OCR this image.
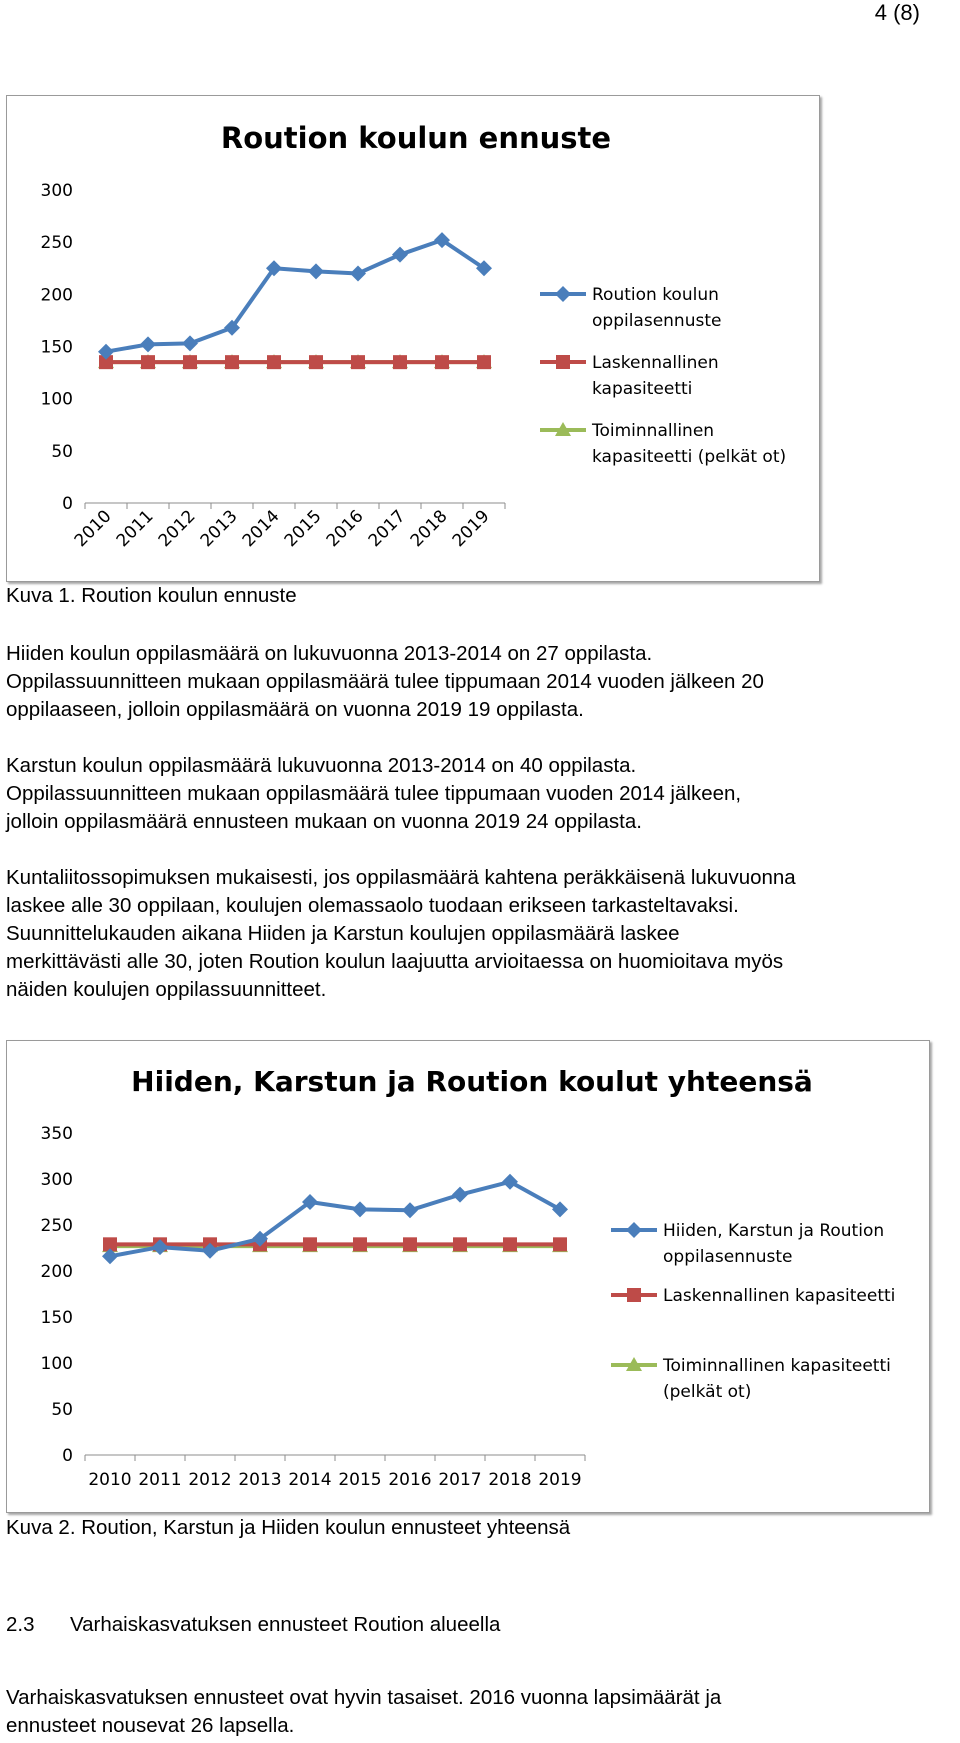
4 (8)
Roution koulun ennuste
0
50
100
150
200
250
300
2010
2011
2012
2013
2014
2015
2016
2017
2018
2019
Roution koulun
oppilasennuste
Laskennallinen
kapasiteetti
Toiminnallinen
kapasiteetti (pelkät ot)
Kuva 1. Roution koulun ennuste
Hiiden koulun oppilasmäärä on lukuvuonna 2013-2014 on 27 oppilasta.
Oppilassuunnitteen mukaan oppilasmäärä tulee tippumaan 2014 vuoden jälkeen 20
oppilaaseen, jolloin oppilasmäärä on vuonna 2019 19 oppilasta.
Karstun koulun oppilasmäärä lukuvuonna 2013-2014 on 40 oppilasta.
Oppilassuunnitteen mukaan oppilasmäärä tulee tippumaan vuoden 2014 jälkeen,
jolloin oppilasmäärä ennusteen mukaan on vuonna 2019 24 oppilasta.
Kuntaliitossopimuksen mukaisesti, jos oppilasmäärä kahtena peräkkäisenä lukuvuonna
laskee alle 30 oppilaan, koulujen olemassaolo tuodaan erikseen tarkasteltavaksi.
Suunnittelukauden aikana Hiiden ja Karstun koulujen oppilasmäärä laskee
merkittävästi alle 30, joten Roution koulun laajuutta arvioitaessa on huomioitava myös
näiden koulujen oppilassuunnitteet.
Hiiden, Karstun ja Roution koulut yhteensä
0
50
100
150
200
250
300
350
2010 2011 2012 2013 2014 2015 2016 2017 2018 2019
Hiiden, Karstun ja Roution
oppilasennuste
Laskennallinen kapasiteetti
Toiminnallinen kapasiteetti
(pelkät ot)
Kuva 2. Roution, Karstun ja Hiiden koulun ennusteet yhteensä
2.3 Varhaiskasvatuksen ennusteet Roution alueella
Varhaiskasvatuksen ennusteet ovat hyvin tasaiset. 2016 vuonna lapsimäärät ja
ennusteet nousevat 26 lapsella.
